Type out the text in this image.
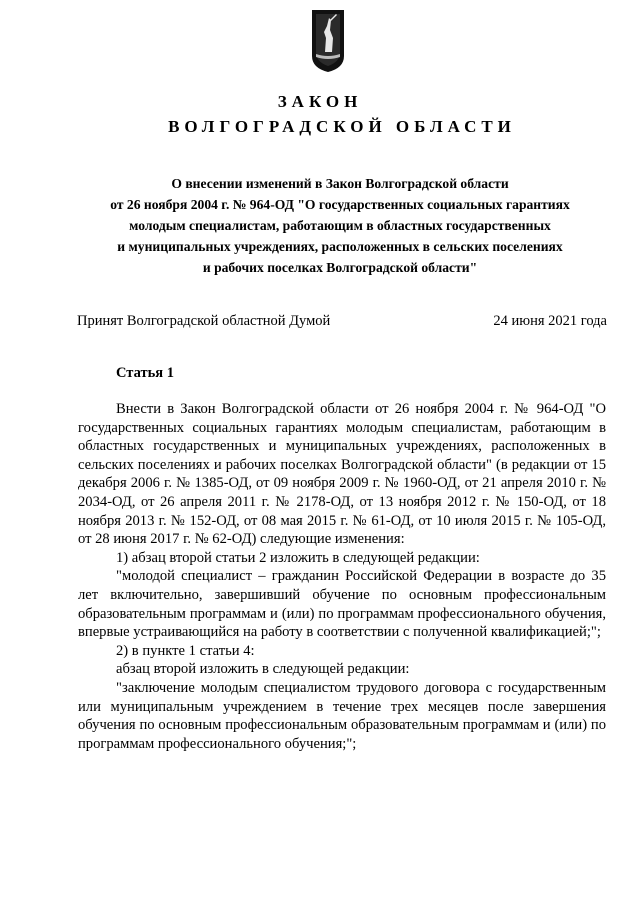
ЗАКОН
ВОЛГОГРАДСКОЙ ОБЛАСТИ
О внесении изменений в Закон Волгоградской области
от 26 ноября 2004 г. № 964-ОД "О государственных социальных гарантиях
молодым специалистам, работающим в областных государственных
и муниципальных учреждениях, расположенных в сельских поселениях
и рабочих поселках Волгоградской области"
Принят Волгоградской областной Думой	24 июня 2021 года
Статья 1

Внести в Закон Волгоградской области от 26 ноября 2004 г. № 964-ОД "О государственных социальных гарантиях молодым специалистам, работающим в областных государственных и муниципальных учреждениях, расположенных в сельских поселениях и рабочих поселках Волгоградской области" (в редакции от 15 декабря 2006 г. № 1385-ОД, от 09 ноября 2009 г. № 1960-ОД, от 21 апреля 2010 г. № 2034-ОД, от 26 апреля 2011 г. № 2178-ОД, от 13 ноября 2012 г. № 150-ОД, от 18 ноября 2013 г. № 152-ОД, от 08 мая 2015 г. № 61-ОД, от 10 июля 2015 г. № 105-ОД, от 28 июня 2017 г. № 62-ОД) следующие изменения:

1) абзац второй статьи 2 изложить в следующей редакции:

"молодой специалист – гражданин Российской Федерации в возрасте до 35 лет включительно, завершивший обучение по основным профессиональным образовательным программам и (или) по программам профессионального обучения, впервые устраивающийся на работу в соответствии с полученной квалификацией;";

2) в пункте 1 статьи 4:

абзац второй изложить в следующей редакции:

"заключение молодым специалистом трудового договора с государственным или муниципальным учреждением в течение трех месяцев после завершения обучения по основным профессиональным образовательным программам и (или) по программам профессионального обучения;";
